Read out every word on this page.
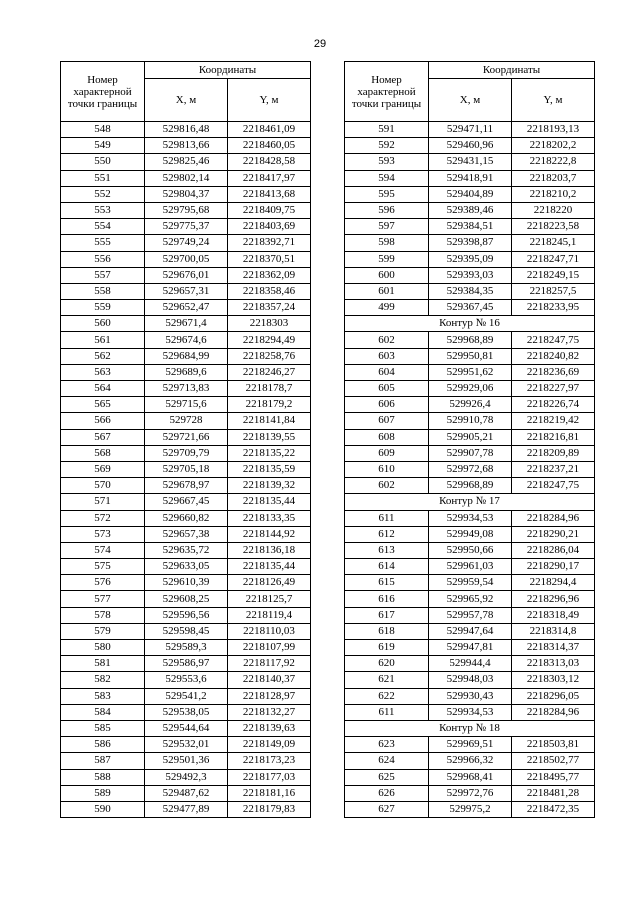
29
Номер характерной точки границы	Координаты	
	X, м	Y, м
548	529816,48	2218461,09
549	529813,66	2218460,05
550	529825,46	2218428,58
551	529802,14	2218417,97
552	529804,37	2218413,68
553	529795,68	2218409,75
554	529775,37	2218403,69
555	529749,24	2218392,71
556	529700,05	2218370,51
557	529676,01	2218362,09
558	529657,31	2218358,46
559	529652,47	2218357,24
560	529671,4	2218303
561	529674,6	2218294,49
562	529684,99	2218258,76
563	529689,6	2218246,27
564	529713,83	2218178,7
565	529715,6	2218179,2
566	529728	2218141,84
567	529721,66	2218139,55
568	529709,79	2218135,22
569	529705,18	2218135,59
570	529678,97	2218139,32
571	529667,45	2218135,44
572	529660,82	2218133,35
573	529657,38	2218144,92
574	529635,72	2218136,18
575	529633,05	2218135,44
576	529610,39	2218126,49
577	529608,25	2218125,7
578	529596,56	2218119,4
579	529598,45	2218110,03
580	529589,3	2218107,99
581	529586,97	2218117,92
582	529553,6	2218140,37
583	529541,2	2218128,97
584	529538,05	2218132,27
585	529544,64	2218139,63
586	529532,01	2218149,09
587	529501,36	2218173,23
588	529492,3	2218177,03
589	529487,62	2218181,16
590	529477,89	2218179,83
Номер характерной точки границы	Координаты	
	X, м	Y, м
591	529471,11	2218193,13
592	529460,96	2218202,2
593	529431,15	2218222,8
594	529418,91	2218203,7
595	529404,89	2218210,2
596	529389,46	2218220
597	529384,51	2218223,58
598	529398,87	2218245,1
599	529395,09	2218247,71
600	529393,03	2218249,15
601	529384,35	2218257,5
499	529367,45	2218233,95
Контур № 16		
602	529968,89	2218247,75
603	529950,81	2218240,82
604	529951,62	2218236,69
605	529929,06	2218227,97
606	529926,4	2218226,74
607	529910,78	2218219,42
608	529905,21	2218216,81
609	529907,78	2218209,89
610	529972,68	2218237,21
602	529968,89	2218247,75
Контур № 17		
611	529934,53	2218284,96
612	529949,08	2218290,21
613	529950,66	2218286,04
614	529961,03	2218290,17
615	529959,54	2218294,4
616	529965,92	2218296,96
617	529957,78	2218318,49
618	529947,64	2218314,8
619	529947,81	2218314,37
620	529944,4	2218313,03
621	529948,03	2218303,12
622	529930,43	2218296,05
611	529934,53	2218284,96
Контур № 18		
623	529969,51	2218503,81
624	529966,32	2218502,77
625	529968,41	2218495,77
626	529972,76	2218481,28
627	529975,2	2218472,35
